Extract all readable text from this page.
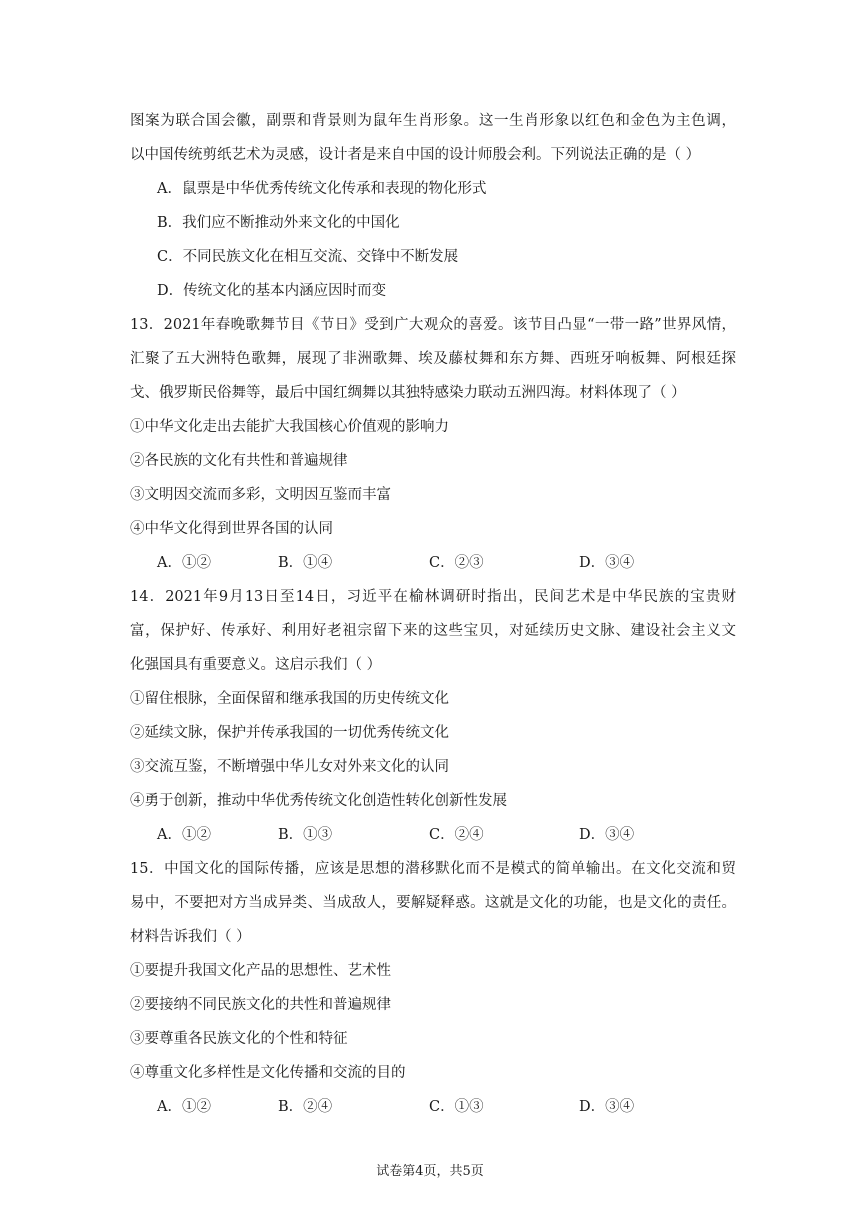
图案为联合国会徽，副票和背景则为鼠年生肖形象。这一生肖形象以红色和金色为主色调，
以中国传统剪纸艺术为灵感，设计者是来自中国的设计师殷会利。下列说法正确的是（ ）
A．鼠票是中华优秀传统文化传承和表现的物化形式
B．我们应不断推动外来文化的中国化
C．不同民族文化在相互交流、交锋中不断发展
D．传统文化的基本内涵应因时而变
13．2021年春晚歌舞节目《节日》受到广大观众的喜爱。该节目凸显“一带一路”世界风情，
汇聚了五大洲特色歌舞，展现了非洲歌舞、埃及藤杖舞和东方舞、西班牙响板舞、阿根廷探
戈、俄罗斯民俗舞等，最后中国红绸舞以其独特感染力联动五洲四海。材料体现了（ ）
①中华文化走出去能扩大我国核心价值观的影响力
②各民族的文化有共性和普遍规律
③文明因交流而多彩，文明因互鉴而丰富
④中华文化得到世界各国的认同
A．①②	B．①④	C．②③	D．③④
14．2021年9月13日至14日，习近平在榆林调研时指出，民间艺术是中华民族的宝贵财
富，保护好、传承好、利用好老祖宗留下来的这些宝贝，对延续历史文脉、建设社会主义文
化强国具有重要意义。这启示我们（ ）
①留住根脉，全面保留和继承我国的历史传统文化
②延续文脉，保护并传承我国的一切优秀传统文化
③交流互鉴，不断增强中华儿女对外来文化的认同
④勇于创新，推动中华优秀传统文化创造性转化创新性发展
A．①②	B．①③	C．②④	D．③④
15．中国文化的国际传播，应该是思想的潜移默化而不是模式的简单输出。在文化交流和贸
易中，不要把对方当成异类、当成敌人，要解疑释惑。这就是文化的功能，也是文化的责任。
材料告诉我们（ ）
①要提升我国文化产品的思想性、艺术性
②要接纳不同民族文化的共性和普遍规律
③要尊重各民族文化的个性和特征
④尊重文化多样性是文化传播和交流的目的
A．①②	B．②④	C．①③	D．③④
试卷第4页，共5页
